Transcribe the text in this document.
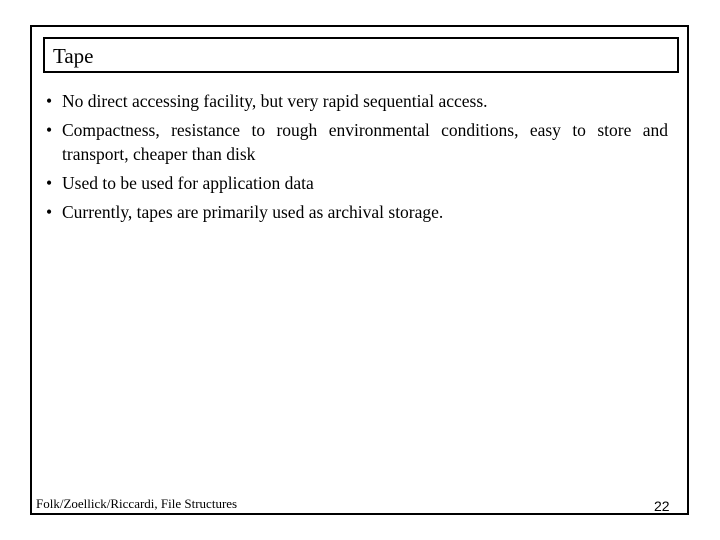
Tape
• No direct accessing facility, but very rapid sequential access.
• Compactness, resistance to rough environmental conditions, easy to store and transport, cheaper than disk
• Used to be used for application data
• Currently, tapes are primarily used as archival storage.
Folk/Zoellick/Riccardi, File Structures	22
